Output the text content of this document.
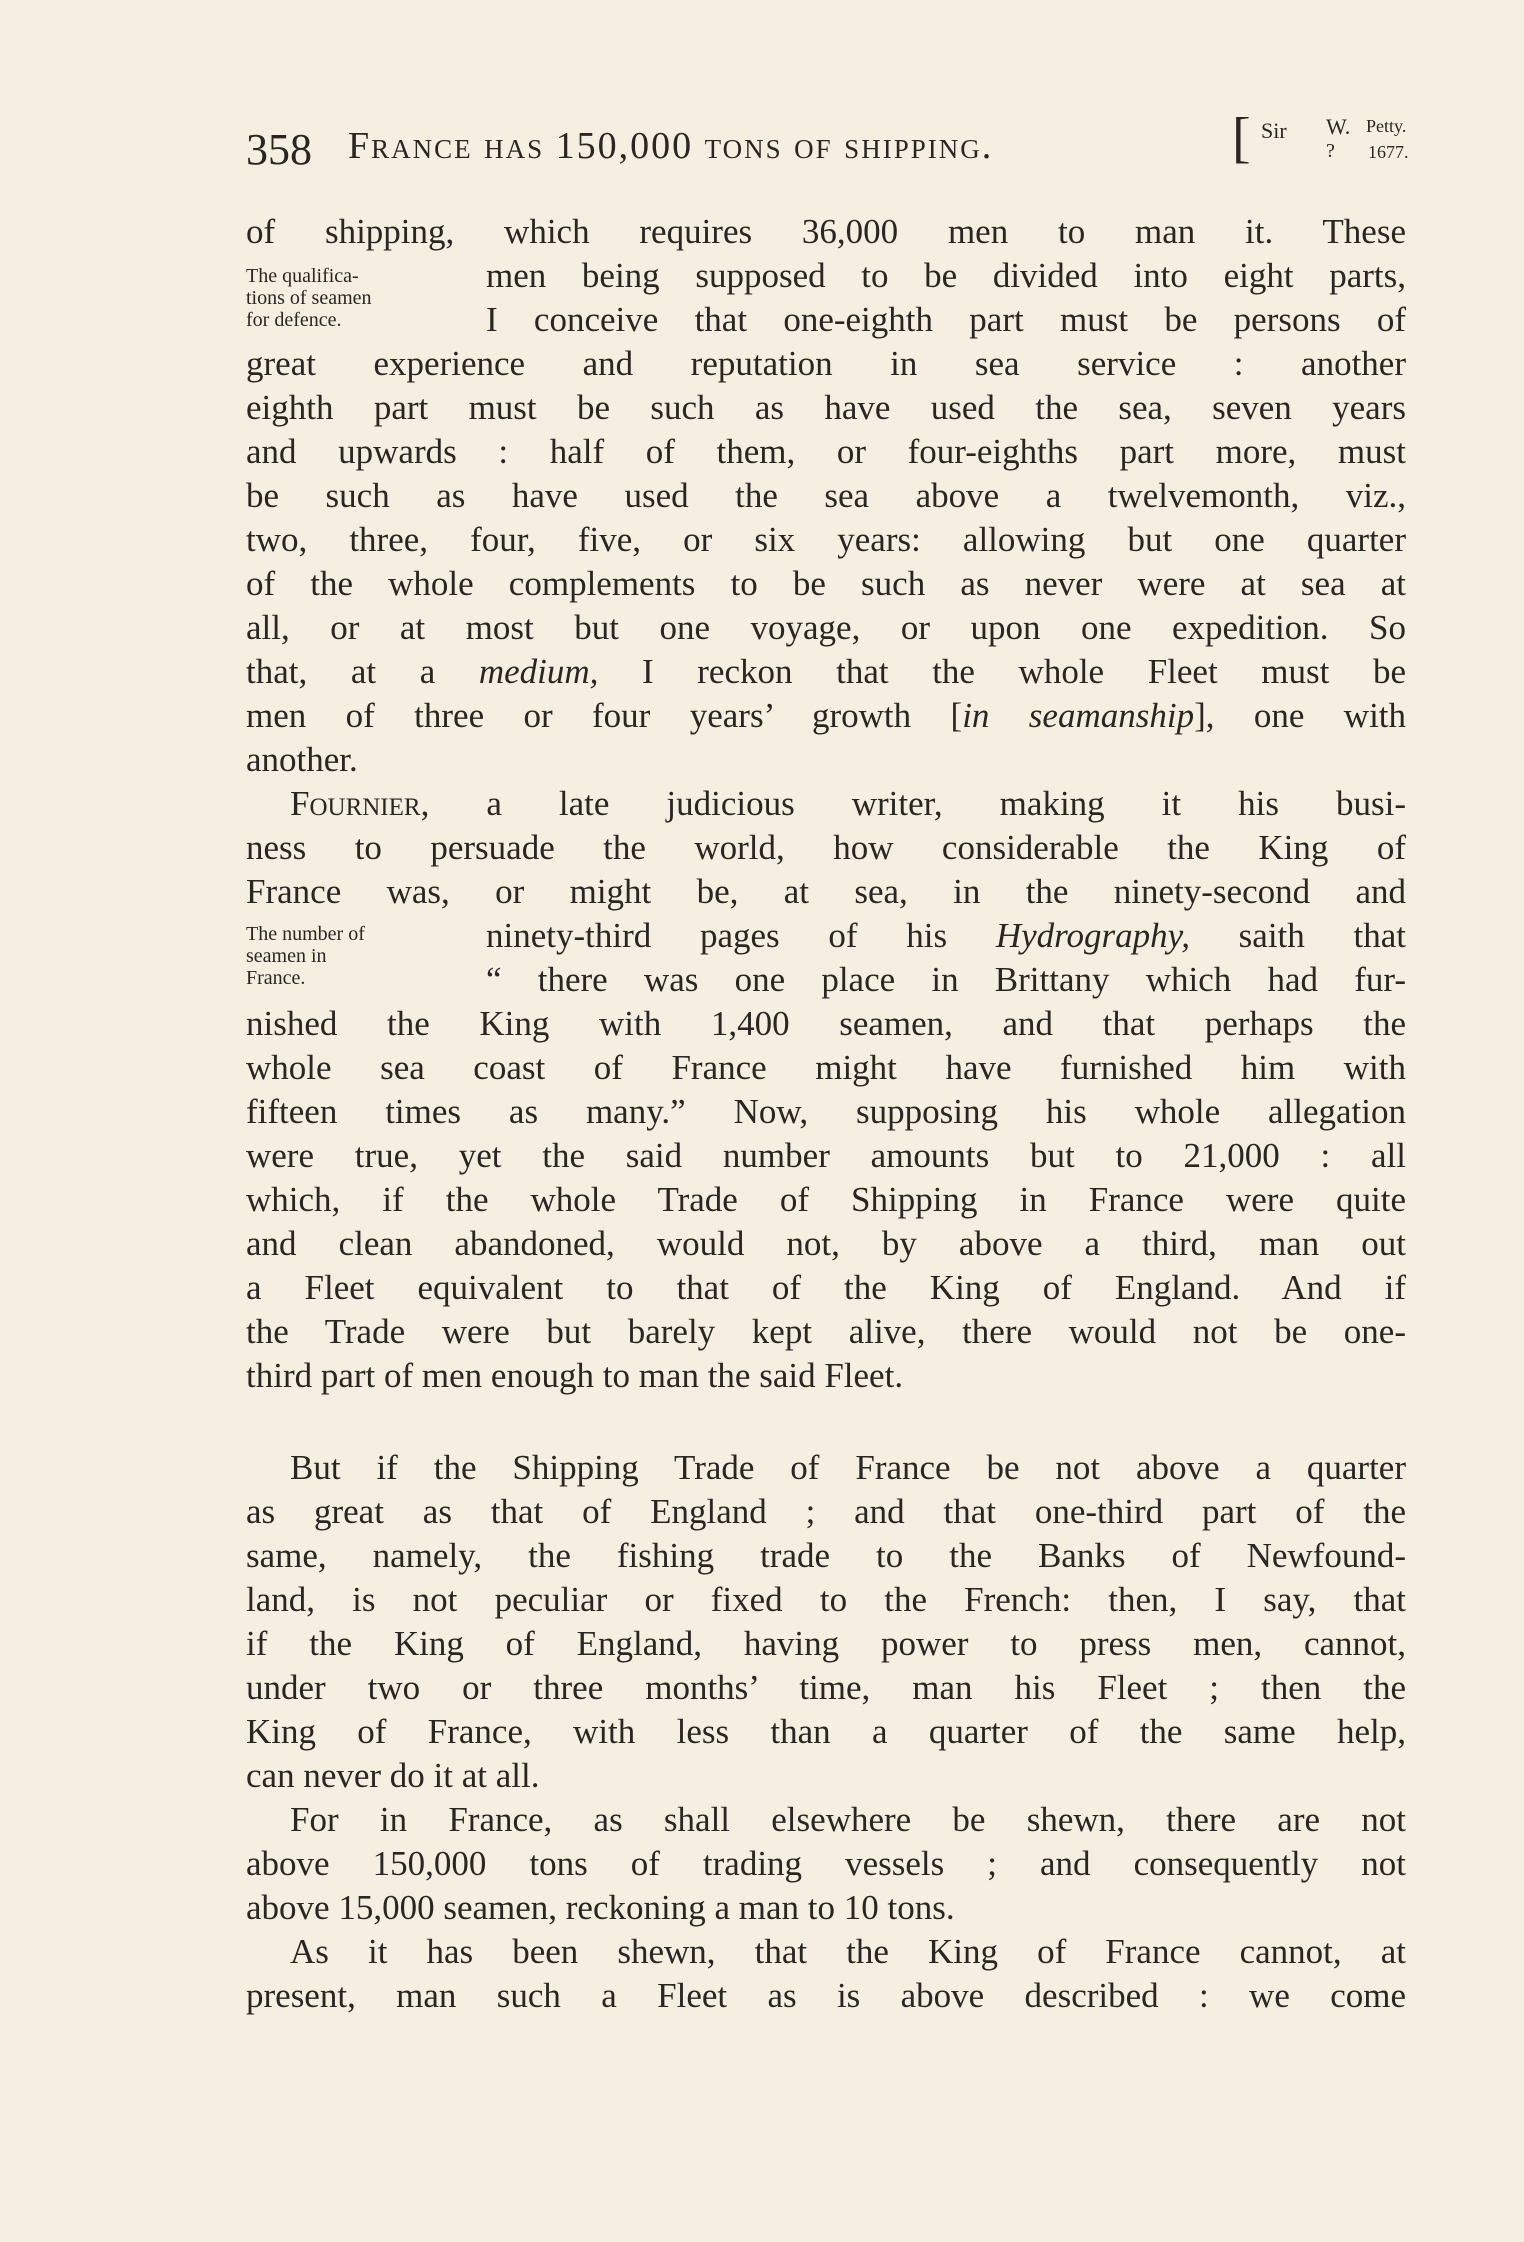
358 France has 150,000 tons of shipping.	[ Sir W. Petty.
? 1677.
The qualifica-
tions of seamen
for defence.
The number of
seamen in
France.
of shipping, which requires 36,000 men to man it. These
men being supposed to be divided into eight parts,
I conceive that one-eighth part must be persons of
great experience and reputation in sea service : another
eighth part must be such as have used the sea, seven years
and upwards : half of them, or four-eighths part more, must
be such as have used the sea above a twelvemonth, viz.,
two, three, four, five, or six years: allowing but one quarter
of the whole complements to be such as never were at sea at
all, or at most but one voyage, or upon one expedition. So
that, at a medium, I reckon that the whole Fleet must be
men of three or four years’ growth [in seamanship], one with
another.
Fournier, a late judicious writer, making it his busi-
ness to persuade the world, how considerable the King of
France was, or might be, at sea, in the ninety-second and
ninety-third pages of his Hydrography, saith that
“ there was one place in Brittany which had fur-
nished the King with 1,400 seamen, and that perhaps the
whole sea coast of France might have furnished him with
fifteen times as many.” Now, supposing his whole allegation
were true, yet the said number amounts but to 21,000 : all
which, if the whole Trade of Shipping in France were quite
and clean abandoned, would not, by above a third, man out
a Fleet equivalent to that of the King of England. And if
the Trade were but barely kept alive, there would not be one-
third part of men enough to man the said Fleet.
But if the Shipping Trade of France be not above a quarter
as great as that of England ; and that one-third part of the
same, namely, the fishing trade to the Banks of Newfound-
land, is not peculiar or fixed to the French: then, I say, that
if the King of England, having power to press men, cannot,
under two or three months’ time, man his Fleet ; then the
King of France, with less than a quarter of the same help,
can never do it at all.
For in France, as shall elsewhere be shewn, there are not
above 150,000 tons of trading vessels ; and consequently not
above 15,000 seamen, reckoning a man to 10 tons.
As it has been shewn, that the King of France cannot, at
present, man such a Fleet as is above described : we come
